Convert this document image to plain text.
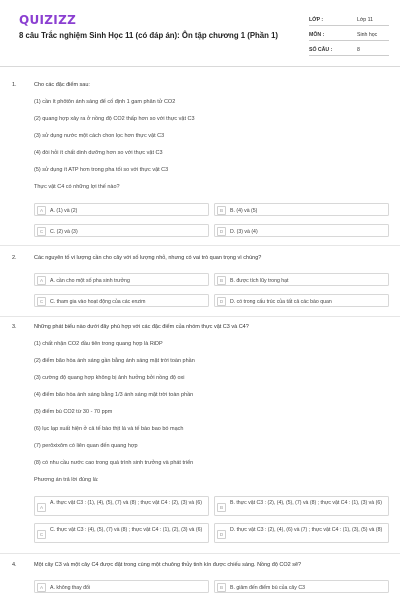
QUIZIZZ
8 câu Trắc nghiệm Sinh Học 11 (có đáp án): Ôn tập chương 1 (Phần 1)
LỚP :	Lớp 11
MÔN :	Sinh học
SỐ CÂU :	8
1.	Cho các đặc điểm sau:
(1) cần ít phôtôn ánh sáng để cố định 1 gam phân tử CO2
(2) quang hợp xảy ra ở nồng độ CO2 thấp hơn so với thực vật C3
(3) sử dụng nước một cách chon lọc hơn thực vật C3
(4) đòi hỏi ít chất dinh dưỡng hơn so với thực vật C3
(5) sử dụng ít ATP hơn trong pha tối so với thực vật C3
Thực vật C4 có những lợi thế nào?
A	A. (1) và (2)	B	B. (4) và (5)
C	C. (2) và (3)	D	D. (3) và (4)
2.	Các nguyên tố vi lượng cần cho cây với số lượng nhỏ, nhưng có vai trò quan trọng vì chúng?
A	A. cần cho một số pha sinh trưởng	B	B. được tích lũy trong hạt
C	C. tham gia vào hoạt động của các enzim	D	D. có trong cấu trúc của tất cả các bào quan
3.	Những phát biểu nào dưới đây phù hợp với các đặc điểm của nhóm thực vật C3 và C4?
(1) chất nhận CO2 đầu tiên trong quang hợp là RiDP
(2) điểm bão hòa ánh sáng gần bằng ánh sáng mặt trời toàn phần
(3) cường độ quang hợp không bị ảnh hưởng bởi nồng độ oxi
(4) điểm bão hòa ánh sáng bằng 1/3 ánh sáng mặt trời toàn phần
(5) điểm bù CO2 từ 30 - 70 ppm
(6) lục lạp xuất hiện ở cả tế bào thịt lá và tế bào bao bó mạch
(7) perôxixôm có liên quan đến quang hợp
(8) có nhu cầu nước cao trong quá trình sinh trưởng và phát triển
Phương án trả lời đúng là:
A
A. thực vật C3 : (1), (4), (5), (7) và (8) ; thực vật C4 : (2), (3) và (6)
B
B. thực vật C3 : (2), (4), (5), (7) và (8) ; thực vật C4 : (1), (3) và (6)
C
C. thực vật C3 : (4), (5), (7) và (8) ; thực vật C4 : (1), (2), (3) và (6)
D
D. thực vật C3 : (2), (4), (6) và (7) ; thực vật C4 : (1), (3), (5) và (8)
4.	Một cây C3 và một cây C4 được đặt trong cùng một chuông thủy tinh kín được chiếu sáng. Nồng độ CO2 sẽ?
A	A. không thay đổi	B	B. giảm đến điểm bù của cây C3
